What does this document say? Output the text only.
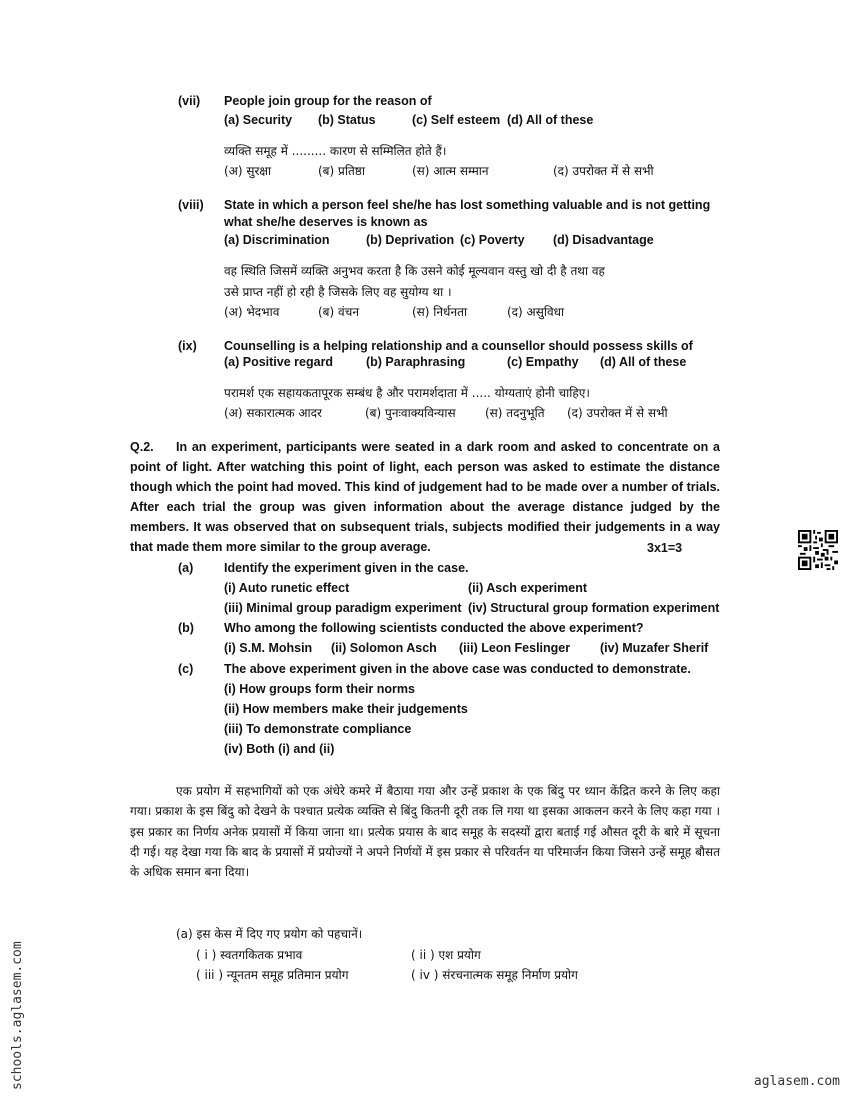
(vii) People join group for the reason of
(a) Security (b) Status	(c) Self esteem (d) All of these
व्यक्ति समूह में ......... कारण से सम्मिलित होते हैं।
(अ) सुरक्षा	(ब) प्रतिष्ठा	(स) आत्म सम्मान	(द) उपरोक्त में से सभी
(viii) State in which a person feel she/he has lost something valuable and is not getting
what she/he deserves is known as
(a) Discrimination	(b) Deprivation (c) Poverty (d) Disadvantage
वह स्थिति जिसमें व्यक्ति अनुभव करता है कि उसने कोई मूल्यवान वस्तु खो दी है तथा वह
उसे प्राप्त नहीं हो रही है जिसके लिए वह सुयोग्य था ।
(अ) भेदभाव	(ब) वंचन	(स) निर्धनता	(द) असुविधा
(ix) Counselling is a helping relationship and a counsellor should possess skills of
(a) Positive regard	(b) Paraphrasing	(c) Empathy (d) All of these
परामर्श एक सहायकतापूरक सम्बंध है और परामर्शदाता में ..... योग्यताएं होनी चाहिए।
(अ) सकारात्मक आदर	(ब) पुनःवाक्यविन्यास (स) तदनुभूति (द) उपरोक्त में से सभी
Q.2. In an experiment, participants were seated in a dark room and asked to concentrate on a
point of light. After watching this point of light, each person was asked to estimate the distance though which the point had moved. This kind of judgement had to be made over a number of trials. After each trial the group was given information about the average distance judged by the members. It was observed that on subsequent trials, subjects modified their judgements in a way that made them more similar to the group average.	3x1=3
(a) Identify the experiment given in the case.
(i) Auto runetic effect	(ii) Asch experiment
(iii) Minimal group paradigm experiment (iv) Structural group formation experiment
(b) Who among the following scientists conducted the above experiment?
(i) S.M. Mohsin (ii) Solomon Asch (iii) Leon Feslinger (iv) Muzafer Sherif
(c) The above experiment given in the above case was conducted to demonstrate.
(i) How groups form their norms
(ii) How members make their judgements
(iii) To demonstrate compliance
(iv) Both (i) and (ii)
एक प्रयोग में सहभागियों को एक अंधेरे कमरे में बैठाया गया और उन्हें प्रकाश के एक बिंदु पर ध्यान केंद्रित करने के लिए कहा गया। प्रकाश के इस बिंदु को देखने के पश्चात प्रत्येक व्यक्ति से बिंदु कितनी दूरी तक लि गया था इसका आकलन करने के लिए कहा गया । इस प्रकार का निर्णय अनेक प्रयासों में किया जाना था। प्रत्येक प्रयास के बाद समूह के सदस्यों द्वारा बताई गई औसत दूरी के बारे में सूचना दी गई। यह देखा गया कि बाद के प्रयासों में प्रयोज्यों ने अपने निर्णयों में इस प्रकार से परिवर्तन या परिमार्जन किया जिसने उन्हें समूह बौसत के अधिक समान बना दिया।
(a) इस केस में दिए गए प्रयोग को पहचानें।
( i ) स्वतगकितक प्रभाव	( ii ) एश प्रयोग
( iii ) न्यूनतम समूह प्रतिमान प्रयोग	( iv ) संरचनात्मक समूह निर्माण प्रयोग
schools.aglasem.com	aglasem.com
